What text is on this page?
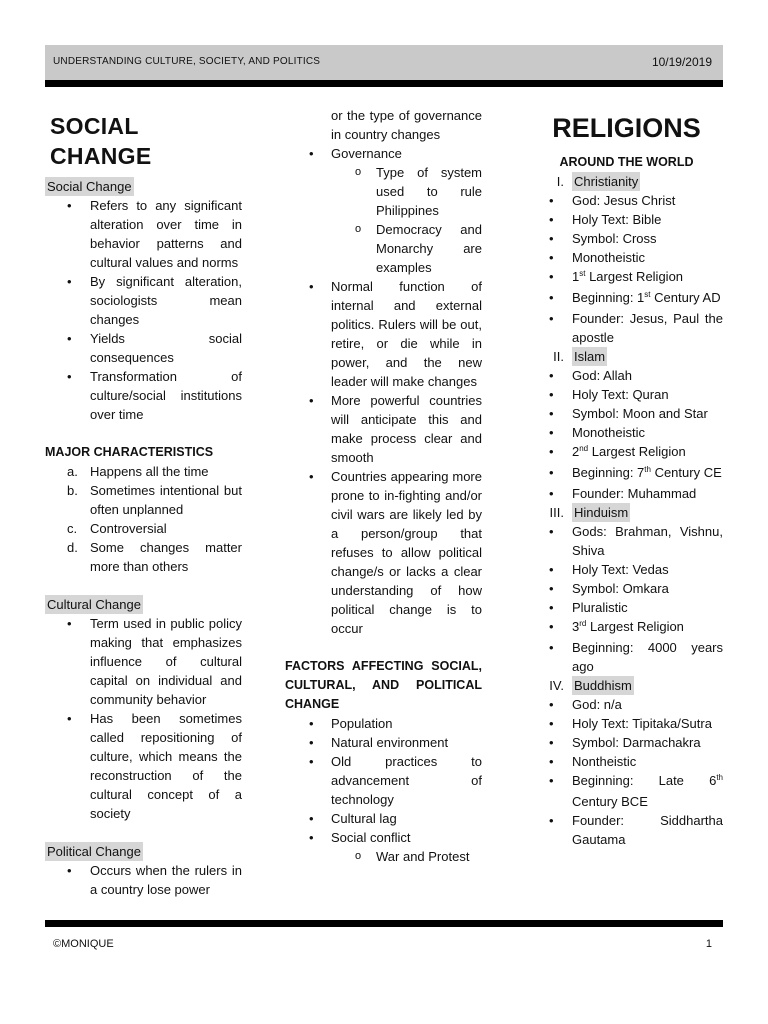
UNDERSTANDING CULTURE, SOCIETY, AND POLITICS	10/19/2019
SOCIAL CHANGE
Social Change
• Refers to any significant alteration over time in behavior patterns and cultural values and norms
• By significant alteration, sociologists mean changes
• Yields social consequences
• Transformation of culture/social institutions over time
MAJOR CHARACTERISTICS
a. Happens all the time
b. Sometimes intentional but often unplanned
c. Controversial
d. Some changes matter more than others
Cultural Change
• Term used in public policy making that emphasizes influence of cultural capital on individual and community behavior
• Has been sometimes called repositioning of culture, which means the reconstruction of the cultural concept of a society
Political Change
• Occurs when the rulers in a country lose power
or the type of governance in country changes
• Governance
o Type of system used to rule Philippines
o Democracy and Monarchy are examples
• Normal function of internal and external politics. Rulers will be out, retire, or die while in power, and the new leader will make changes
• More powerful countries will anticipate this and make process clear and smooth
• Countries appearing more prone to in-fighting and/or civil wars are likely led by a person/group that refuses to allow political change/s or lacks a clear understanding of how political change is to occur
FACTORS AFFECTING SOCIAL, CULTURAL, AND POLITICAL CHANGE
• Population
• Natural environment
• Old practices to advancement of technology
• Cultural lag
• Social conflict
o War and Protest
RELIGIONS
AROUND THE WORLD
I. Christianity
• God: Jesus Christ
• Holy Text: Bible
• Symbol: Cross
• Monotheistic
• 1st Largest Religion
• Beginning: 1st Century AD
• Founder: Jesus, Paul the apostle
II. Islam
• God: Allah
• Holy Text: Quran
• Symbol: Moon and Star
• Monotheistic
• 2nd Largest Religion
• Beginning: 7th Century CE
• Founder: Muhammad
III. Hinduism
• Gods: Brahman, Vishnu, Shiva
• Holy Text: Vedas
• Symbol: Omkara
• Pluralistic
• 3rd Largest Religion
• Beginning: 4000 years ago
IV. Buddhism
• God: n/a
• Holy Text: Tipitaka/Sutra
• Symbol: Darmachakra
• Nontheistic
• Beginning: Late 6th Century BCE
• Founder: Siddhartha Gautama
©MONIQUE	1
